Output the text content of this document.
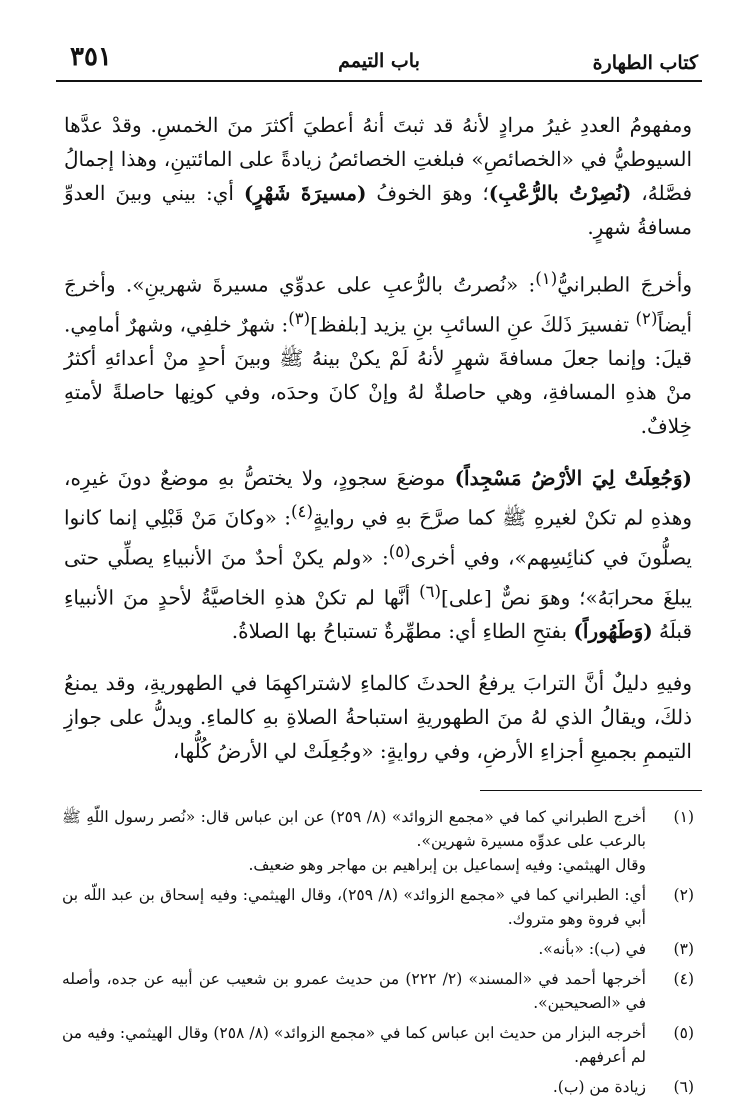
كتاب الطهارة
باب التيمم
٣٥١

ومفهومُ العددِ غيرُ مرادٍ لأنهُ قد ثبتَ أنهُ أعطيَ أكثرَ منَ الخمسِ. وقدْ عدَّها السيوطيُّ في «الخصائصِ» فبلغتِ الخصائصُ زيادةً على المائتينِ، وهذا إجمالُ فصَّلهُ، (نُصِرْتُ بالرُّعْبِ)؛ وهوَ الخوفُ (مسيرَةَ شَهْرٍ) أي: بيني وبينَ العدوِّ مسافةُ شهرٍ.

وأخرجَ الطبرانيُّ$^{(١)}$: «نُصرتُ بالرُّعبِ على عدوِّي مسيرةَ شهرينِ». وأخرجَ أيضاً$^{(٢)}$ تفسيرَ ذَلكَ عنِ السائبِ بنِ يزيد [بلفظ]$^{(٣)}$: شهرٌ خلفِي، وشهرٌ أمامِي. قيلَ: وإنما جعلَ مسافةَ شهرٍ لأنهُ لَمْ يكنْ بينهُ ﷺ وبينَ أحدٍ منْ أعدائهِ أكثرُ منْ هذهِ المسافةِ، وهي حاصلةٌ لهُ وإنْ كانَ وحدَه، وفي كونِها حاصلةً لأمتهِ خِلافٌ.

(وَجُعِلَتْ لِيَ الأرْضُ مَسْجِداً) موضعَ سجودٍ، ولا يختصُّ بهِ موضعٌ دونَ غيرِه، وهذهِ لم تكنْ لغيرهِ ﷺ كما صرَّحَ بهِ في روايةٍ$^{(٤)}$: «وكانَ مَنْ قَبْلِي إنما كانوا يصلُّونَ في كنائِسِهم»، وفي أخرى$^{(٥)}$: «ولم يكنْ أحدٌ منَ الأنبياءِ يصلِّي حتى يبلغَ محرابَهُ»؛ وهوَ نصٌّ [على]$^{(٦)}$ أنَّها لم تكنْ هذهِ الخاصيَّةُ لأحدٍ منَ الأنبياءِ قبلَهُ (وَطَهُوراً) بفتحِ الطاءِ أي: مطهِّرةٌ تستباحُ بها الصلاةُ.

وفيهِ دليلٌ أنَّ الترابَ يرفعُ الحدثَ كالماءِ لاشتراكهِمَا في الطهوريةِ، وقد يمنعُ ذلكَ، ويقالُ الذي لهُ منَ الطهوريةِ استباحةُ الصلاةِ بهِ كالماءِ. ويدلُّ على جوازِ التيممِ بجميعِ أجزاءِ الأرضِ، وفي روايةٍ: «وجُعِلَتْ لي الأرضُ كُلُّها،

(١)
أخرج الطبراني كما في «مجمع الزوائد» (٨/ ٢٥٩) عن ابن عباس قال: «نُصر رسول اللّهِ ﷺ بالرعب على عدوِّه مسيرة شهرين».
وقال الهيثمي: وفيه إسماعيل بن إبراهيم بن مهاجر وهو ضعيف.
(٢)
أي: الطبراني كما في «مجمع الزوائد» (٨/ ٢٥٩)، وقال الهيثمي: وفيه إسحاق بن عبد اللّه بن أبي فروة وهو متروك.
(٣)
في (ب): «بأنه».
(٤)
أخرجها أحمد في «المسند» (٢/ ٢٢٢) من حديث عمرو بن شعيب عن أبيه عن جده، وأصله في «الصحيحين».
(٥)
أخرجه البزار من حديث ابن عباس كما في «مجمع الزوائد» (٨/ ٢٥٨) وقال الهيثمي: وفيه من لم أعرفهم.
(٦)
زيادة من (ب).
